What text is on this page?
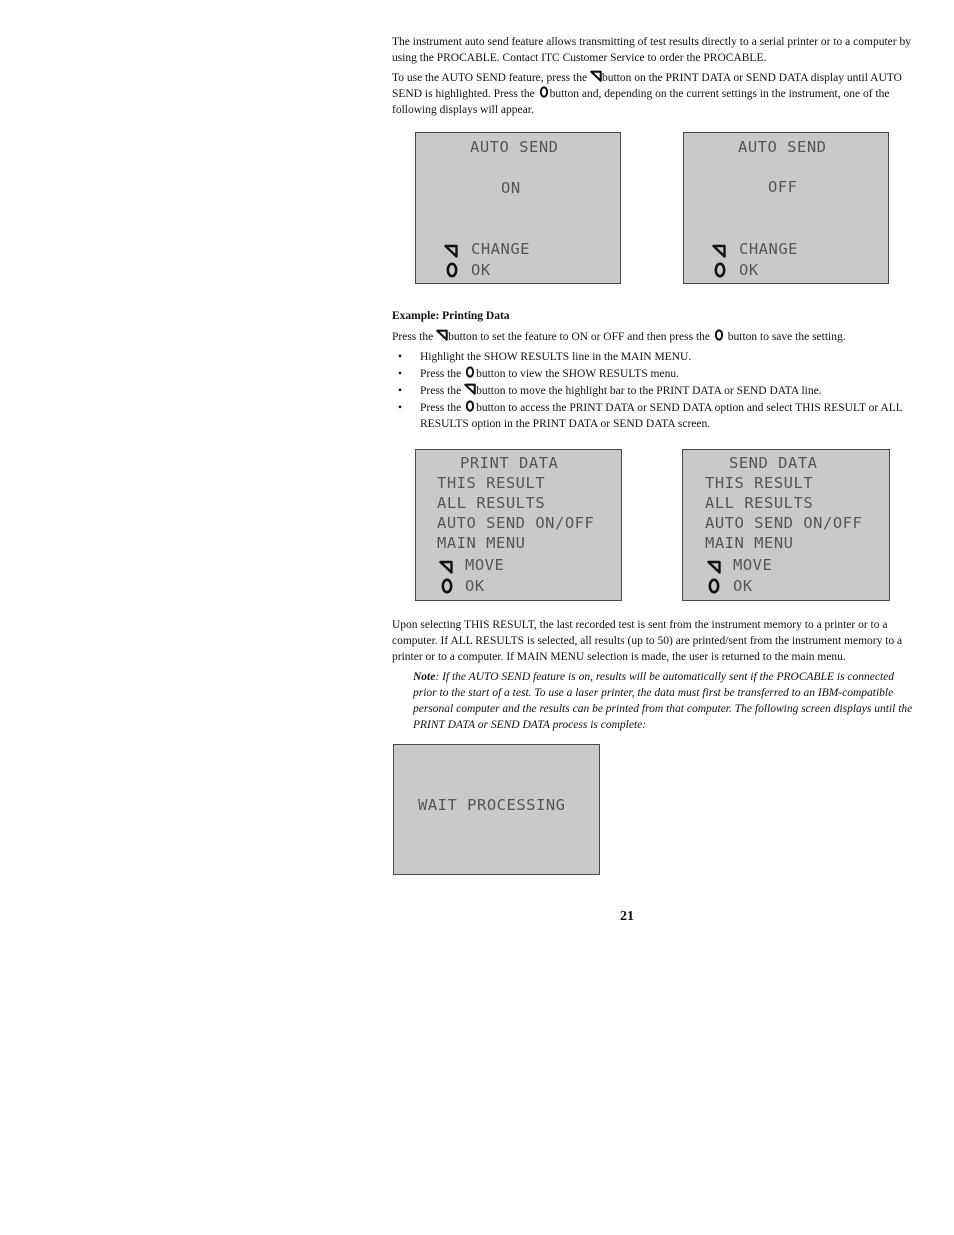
The instrument auto send feature allows transmitting of test results directly to a serial printer or to a computer by using the PROCABLE. Contact ITC Customer Service to order the PROCABLE.

To use the AUTO SEND feature, press the button on the PRINT DATA or SEND DATA display until AUTO SEND is highlighted. Press the button and, depending on the current settings in the instrument, one of the following displays will appear.

AUTO SEND
ON
CHANGE
OK
AUTO SEND
OFF
CHANGE
OK
Example: Printing Data
Press the button to set the feature to ON or OFF and then press the button to save the setting.
• Highlight the SHOW RESULTS line in the MAIN MENU.
• Press the button to view the SHOW RESULTS menu.
• Press the button to move the highlight bar to the PRINT DATA or SEND DATA line.
• Press the button to access the PRINT DATA or SEND DATA option and select THIS RESULT or ALL RESULTS option in the PRINT DATA or SEND DATA screen.
PRINT DATA
THIS RESULT
ALL RESULTS
AUTO SEND ON/OFF
MAIN MENU
MOVE
OK
SEND DATA
THIS RESULT
ALL RESULTS
AUTO SEND ON/OFF
MAIN MENU
MOVE
OK

Upon selecting THIS RESULT, the last recorded test is sent from the instrument memory to a printer or to a computer. If ALL RESULTS is selected, all results (up to 50) are printed/sent from the instrument memory to a printer or to a computer. If MAIN MENU selection is made, the user is returned to the main menu.

Note: If the AUTO SEND feature is on, results will be automatically sent if the PROCABLE is connected prior to the start of a test. To use a laser printer, the data must first be transferred to an IBM-compatible personal computer and the results can be printed from that computer. The following screen displays until the PRINT DATA or SEND DATA process is complete:
WAIT PROCESSING
21
